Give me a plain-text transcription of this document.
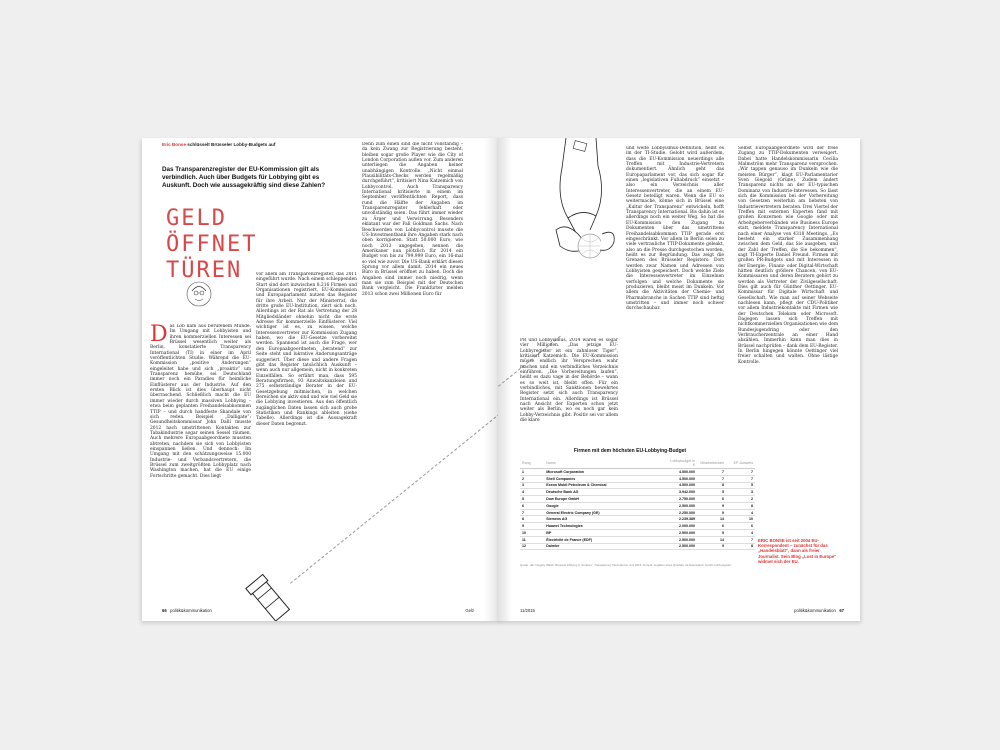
Eric Bonse schlüsselt Brüsseler Lobby-Budgets auf
Das Transparenzregister der EU-Kommission gilt als verbindlich. Auch über Budgets für Lobbying gibt es Auskunft. Doch wie aussagekräftig sind diese Zahlen?
GELD ÖFFNET TÜREN
D as Lob kam aus berufenem Munde. Im Umgang mit Lobbyisten und ihren kommerziellen Interessen sei Brüssel wesentlich weiter als Berlin, konstatierte Transparency International (TI) in einer im April veröffentlichten Studie. Während die EU-Kommission „positive Änderungen“ eingeleitet habe und sich „proaktiv“ um Transparenz bemühe, sei Deutschland immer noch ein Paradies für heimliche Einflüsterer aus der Industrie. Auf den ersten Blick ist dies überhaupt nicht überraschend. Schließlich macht die EU immer wieder durch massiven Lobbying – etwa beim geplanten Freihandelsabkommen TTIP – und durch handfeste Skandale von sich reden. Beispiel „Dalligate“: Gesundheitskommissar John Dalli musste 2012 nach umstrittenen Kontakten zur Tabakindustrie sogar seinen Sessel räumen. Auch mehrere Europaabgeordnete mussten abtreten, nachdem sie sich von Lobbyisten einspannen ließen. Und dennoch: Im Umgang mit den schätzungsweise 15.000 Industrie- und Verbandsvertretern, die Brüssel zum zweitgrößten Lobbyplatz nach Washington machen, hat die EU einige Fortschritte gemacht. Dies liegt
vor allem am Transparenzregister, das 2011 eingeführt wurde. Nach einem schleppenden Start sind dort inzwischen 8.216 Firmen und Organisationen registriert, EU-Kommission und Europaparlament nutzen das Register für ihre Arbeit. Nur der Ministerrat, die dritte große EU-Institution, ziert sich noch. Allerdings ist der Rat als Vertretung der 28 Mitgliedsländer ohnehin nicht die erste Adresse für kommerzielle Einflüsterer. Viel wichtiger ist es, zu wissen, welche Interessenvertreter zur Kommission Zugang haben, wo die EU-Gesetze vorbereitet werden. Spannend ist auch die Frage, wer den Europaabgeordneten „beratend“ zur Seite steht und lukrative Änderungsanträge suggeriert. Über diese und andere Fragen gibt das Register tatsächlich Auskunft – wenn auch nur allgemein, nicht in konkreten Einzelfällen. So erfährt man, dass 595 Beratungsfirmen, 93 Anwaltskanzleien und 275 selbstständige Berater in der EU-Gesetzgebung mitmischen, in welchen Bereichen sie aktiv sind und wie viel Geld sie die Lobbying investieren. Aus den öffentlich zugänglichen Daten lassen sich auch grobe Statistiken und Rankings ableiten (siehe Tabelle). Allerdings ist die Aussagekraft dieser Daten begrenzt.
Denn zum einen sind die nicht vollständig – da kein Zwang zur Registrierung besteht, bleiben sogar große Player wie die City of London Corporation außen vor. Zum anderen unterliegen die Angaben keiner unabhängigen Kontrolle. „Nicht einmal Plausibilitäts-Checks werden regelmäßig durchgeführt“, kritisiert Nina Katzemich von Lobbycontrol. Auch Transparency International kritisierte in einem im September veröffentlichten Report, dass rund die Hälfte der Angaben im Transparenzregister fehlerhaft oder unvollständig seien. Das führt immer wieder zu Ärger und Verwirrung. Besonders eklatant war der Fall Goldman Sachs. Nach Beschwerden von Lobbycontrol musste die US-Investmentbank ihre Angaben stark nach oben korrigieren. Statt 50.000 Euro, wie noch 2013 angegeben, nennen die Amerikaner nun plötzlich für 2014 ein Budget von bis zu 799.999 Euro, ein 16-mal so viel wie zuvor. Die US-Bank erklärt diesen Sprung vor allem damit, 2014 ein neues Büro in Brüssel eröffnet zu haben. Doch die Angaben sind immer noch niedrig, wenn man sie zum Beispiel mit der Deutschen Bank vergleicht. Die Frankfurter melden 2013 schon zwei Millionen Euro für
66 politik&kommunikation	Gelz
PR und Lobbyismus, 2014 waren es sogar vier Millionen. „Das jetzige EU-Lobbyregister ist ein zahnloser Tiger“, kritisiert Katzemich. Die EU-Kommission müsse endlich ihr Versprechen wahr machen und ein verbindliches Verzeichnis einführen. „Die Vorbereitungen laufen“, heißt es dazu vage in der Behörde – wann es so weit ist, bleibt offen. Für ein verbindliches, mit Sanktionen bewehrtes Register setzt sich auch Transparency International ein. Allerdings ist Brüssel nach Ansicht der Experten schon jetzt weiter als Berlin, wo es noch gar kein Lobby-Verzeichnis gibt. Positiv sei vor allem die klare
und weite Lobbyismus-Definition, heißt es im der TI-Studie. Gelobt wird außerdem, dass die EU-Kommission neuerdings alle Treffen mit Industrie-Vertretern dokumentiert. Ähnlich geht das Europaparlament vor, das sich sogar für einen „legislativen Fußabdruck“ einsetzt – also ein Verzeichnis aller Interessenvertreter, die an einem EU-Gesetz beteiligt waren. Wenn die EU so weitermache, könne sich in Brüssel eine „Kultur der Transparenz“ entwickeln, hofft Transparency International. Bis dahin ist es allerdings noch ein weiter Weg. So hat die EU-Kommission den Zugang zu Dokumenten über das umstrittene Freihandelsabkommen TTIP gerade erst eingeschränkt. Vor allem in Berlin seien zu viele vertrauliche TTIP-Dokumente geleakt, also an die Presse durchgestochen worden, heißt es zur Begründung. Das zeigt die Grenzen des Brüsseler Registers: Dort werden zwar Namen und Adressen von Lobbyisten gespeichert. Doch welche Ziele die Interessenvertreter im Einzelnen verfolgen und welche Dokumente sie produzieren, bleibt meist im Dunkeln. Vor allem die Aktivitäten der Chemie- und Pharmabranche in Sachen TTIP sind heftig umstritten – und immer noch schwer durchschaubar.
Selbst Europaabgeordnete wird der freie Zugang zu TTIP-Dokumenten verweigert. Dabei hatte Handelskommissarin Cecilia Malmström mehr Transparenz versprochen. „Wir tappen genauso im Dunkeln wie die meisten Bürger“, klagt EU-Parlamentarier Sven Giegold (Grüne). Zudem ändert Transparenz nichts an der EU-typischen Dominanz von Industrie-Interessen. So lässt sich die Kommission bei der Vorbereitung von Gesetzen weiterhin am liebsten von Industrievertretern beraten. Drei Viertel der Treffen mit externen Experten fand mit großen Konzernen wie Google oder mit Arbeitgeberverbänden wie Business Europe statt, meldete Transparency International nach einer Analyse von 4318 Meetings. „Es besteht ein starker Zusammenhang zwischen dem Geld, das Sie ausgeben, und der Zahl der Treffen, die Sie bekommen“, sagt TI-Experte Daniel Freund. Firmen mit großen PR-Budgets und mit Interessen in der Energie-, Finanz- oder Digital-Wirtschaft hätten deutlich größere Chancen, von EU-Kommissaren und deren Beratern gehört zu werden als Vertreter der Zivilgesellschaft. Dies gilt auch für Günther Oettinger, EU-Kommissar für Digitale Wirtschaft und Gesellschaft. Wie man auf seiner Webseite nachlesen kann, pflegt der CDU-Politiker vor allem Industriekontakte mit Firmen wie der Deutschen Telekom oder Microsoft. Dagegen lassen sich Treffen mit nichtkommerziellen Organisationen wie dem Bundesjugendring oder den Verbraucherzentrale an einer Hand abzählen. Immerhin kann man dies in Brüssel nachprüfen – dank dem EU-Register. In Berlin hingegen könnte Oettinger viel freier schalten und walten. Ohne lästige Kontrolle.
Firmen mit dem höchsten EU-Lobbying-Budget
Rang	Name	Lobbybudget in €	Mitarbeiterzahl	EP-Ausweis
1	Microsoft Corporation	4.500.000	7	7
2	Shell Companies	4.500.000	7	7
3	Exxon Mobil Petroleum & Chemical	4.500.000	8	5
4	Deutsche Bank AG	3.942.000	5	3
5	Dow Europe GmbH	2.750.000	6	2
6	Google	2.500.000	9	8
7	General Electric Company (GE)	2.250.000	9	4
8	Siemens AG	2.239.389	14	10
9	Huawei Technologies	2.000.000	6	6
10	BP	2.500.000	5	4
11	Électricité de France (EDF)	2.500.000	14	7
12	Daimler	2.500.000	9	8
Quelle: „EU Integrity Watch: Brussels lobbying in numbers“, Transparency International, Juni 2015; Anmerk. Angaben eines Quartals; 2a Datenstand: bei EU-Lobbyregister
ERIC BONSE ist seit 2004 EU-Korrespondent – zunächst für das „Handelsblatt“, dann als freier Journalist. Sein Blog „Lost in Europe“ widmet sich der EU.
11/2015	politik&kommunikation 67
